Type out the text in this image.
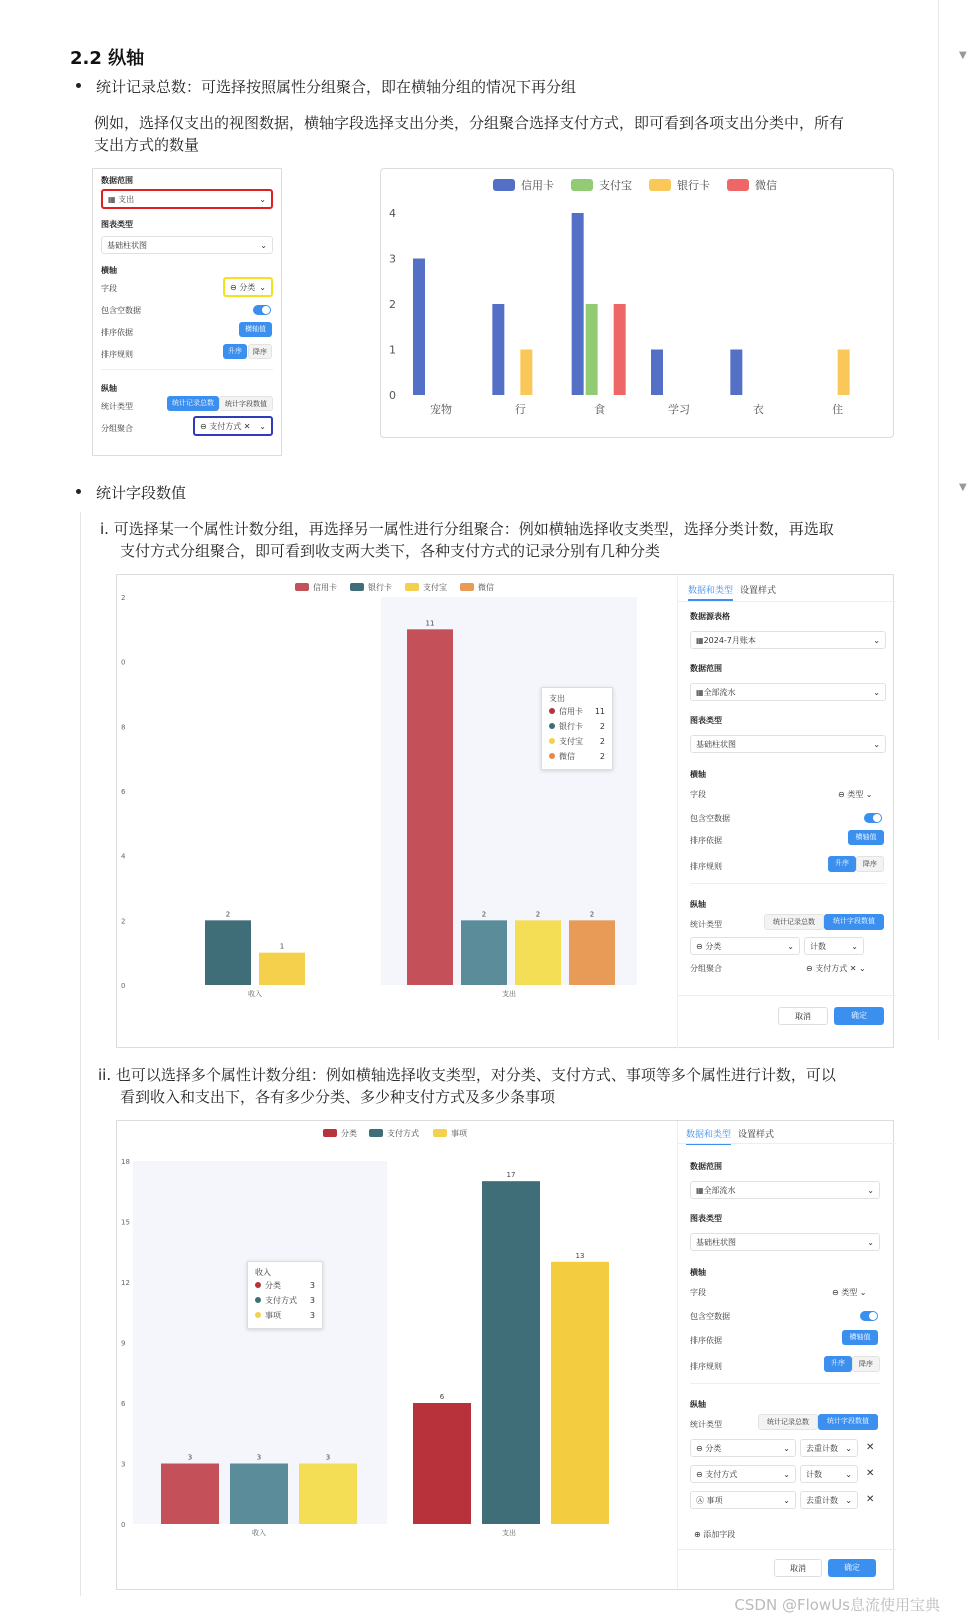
▼
▼
2.2 纵轴
统计记录总数：可选择按照属性分组聚合，即在横轴分组的情况下再分组
例如，选择仅支出的视图数据，横轴字段选择支出分类，分组聚合选择支付方式，即可看到各项支出分类中，所有
支出方式的数量
数据范围
▦ 支出	⌄
图表类型
基础柱状图	⌄
横轴
字段	⊖ 分类 ⌄
包含空数据
排序依据	横轴值
排序规则	升序	降序
纵轴
统计类型	统计记录总数	统计字段数值
分组聚合	⊖ 支付方式 ✕ ⌄
信用卡	支付宝	银行卡	微信
0
1
2
3
4
宠物	行	食	学习	衣	住
统计字段数值
i. 可选择某一个属性计数分组，再选择另一属性进行分组聚合：例如横轴选择收支类型，选择分类计数，再选取
支付方式分组聚合，即可看到收支两大类下，各种支付方式的记录分别有几种分类
信用卡	银行卡	支付宝	微信
0
2
4
6
8
0
2
2
1
收入
11
2	2	2
支出
支出
信用卡 11
银行卡 2
支付宝 2
微信	2
数据和类型 设置样式
数据源表格
▦2024-7月账本	⌄
数据范围
▦全部流水	⌄
图表类型
基础柱状图	⌄
横轴
字段	⊖ 类型 ⌄
包含空数据
排序依据	横轴值
排序规则	升序	降序
纵轴
统计类型	统计记录总数	统计字段数值
⊖ 分类	⌄ 计数	⌄
分组聚合	⊖ 支付方式 ✕ ⌄
取消	确定
ii. 也可以选择多个属性计数分组：例如横轴选择收支类型，对分类、支付方式、事项等多个属性进行计数，可以
看到收入和支出下，各有多少分类、多少种支付方式及多少条事项
分类	支付方式	事项
0
3
6
9
12
15
18
3	3	3
收入
6
17
13
支出
收入
分类	3
支付方式 3
事项	3
数据和类型 设置样式
数据范围
▦全部流水	⌄
图表类型
基础柱状图	⌄
横轴
字段	⊖ 类型 ⌄
包含空数据
排序依据	横轴值
排序规则	升序	降序
纵轴
统计类型	统计记录总数	统计字段数值
⊖ 分类	⌄ 去重计数 ⌄ ✕
⊖ 支付方式	⌄ 计数	⌄ ✕
Ⓐ 事项	⌄ 去重计数 ⌄ ✕
⊕ 添加字段
取消	确定
CSDN @FlowUs息流使用宝典
